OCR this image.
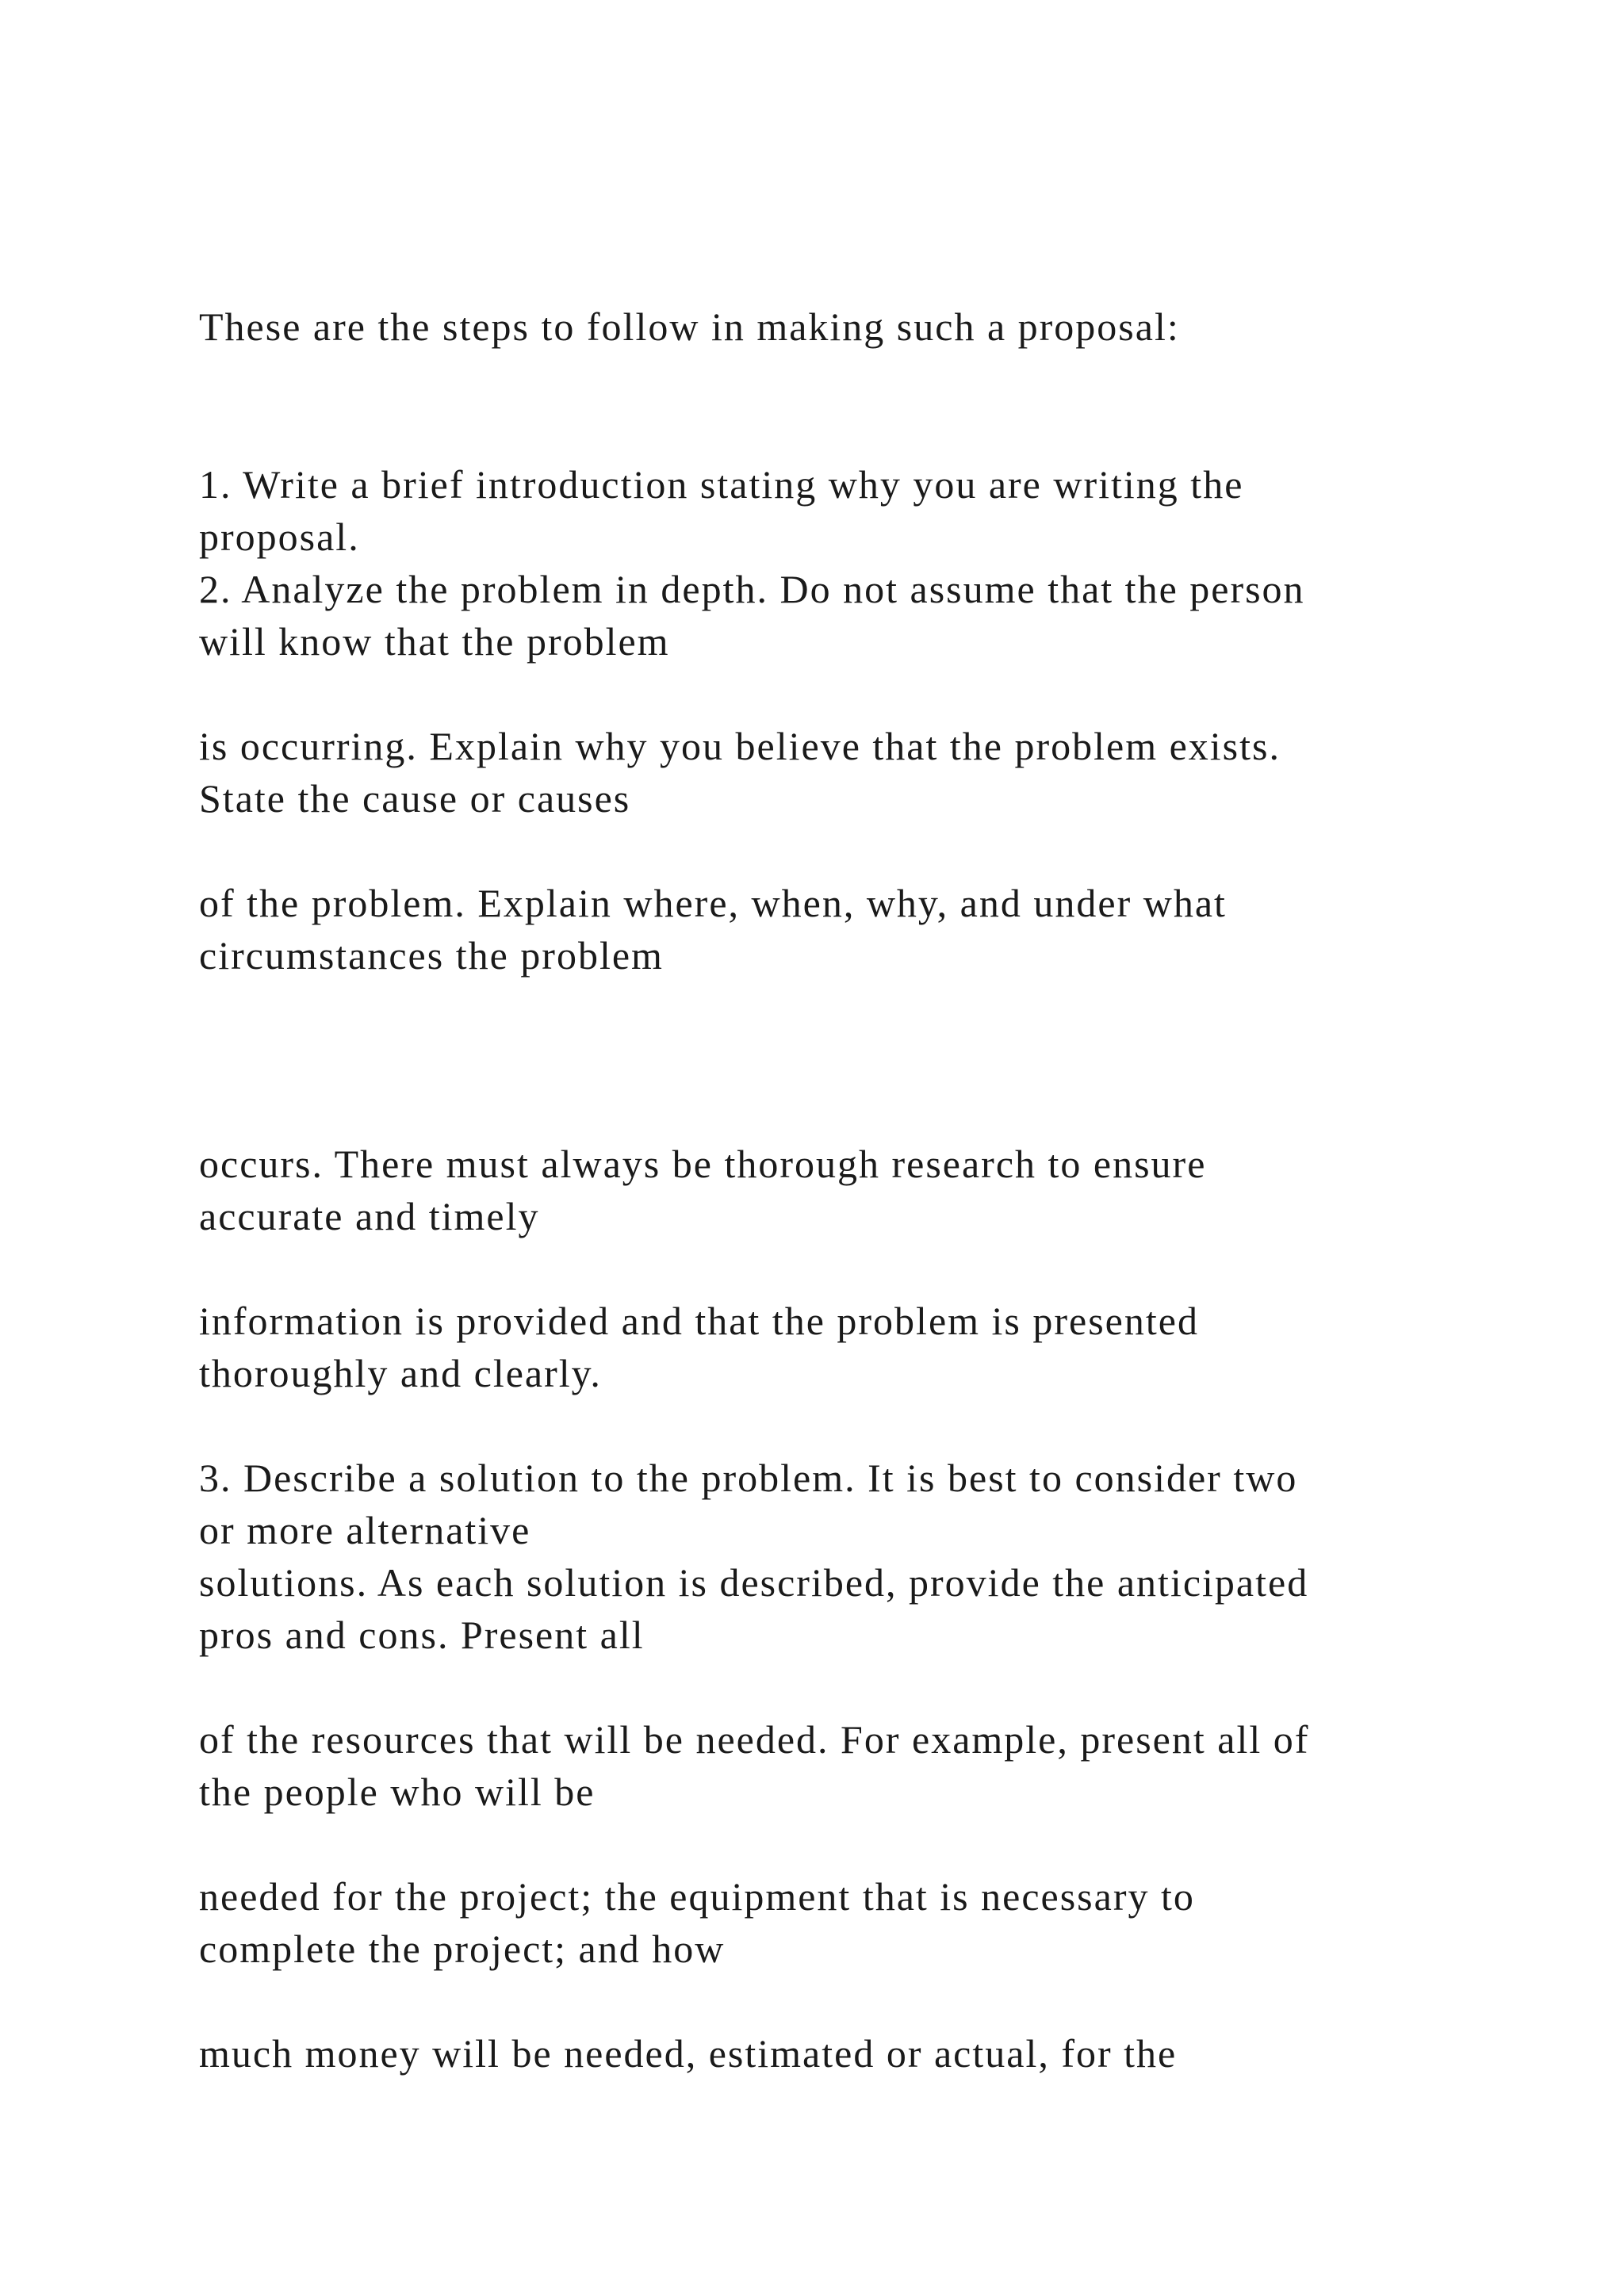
These are the steps to follow in making such a proposal:

1. Write a brief introduction stating why you are writing the

proposal.

2. Analyze the problem in depth. Do not assume that the person

will know that the problem

is occurring. Explain why you believe that the problem exists.

State the cause or causes

of the problem. Explain where, when, why, and under what

circumstances the problem

occurs. There must always be thorough research to ensure

accurate and timely

information is provided and that the problem is presented

thoroughly and clearly.

3. Describe a solution to the problem. It is best to consider two

or more alternative

solutions. As each solution is described, provide the anticipated

pros and cons. Present all

of the resources that will be needed. For example, present all of

the people who will be

needed for the project; the equipment that is necessary to

complete the project; and how

much money will be needed, estimated or actual, for the
